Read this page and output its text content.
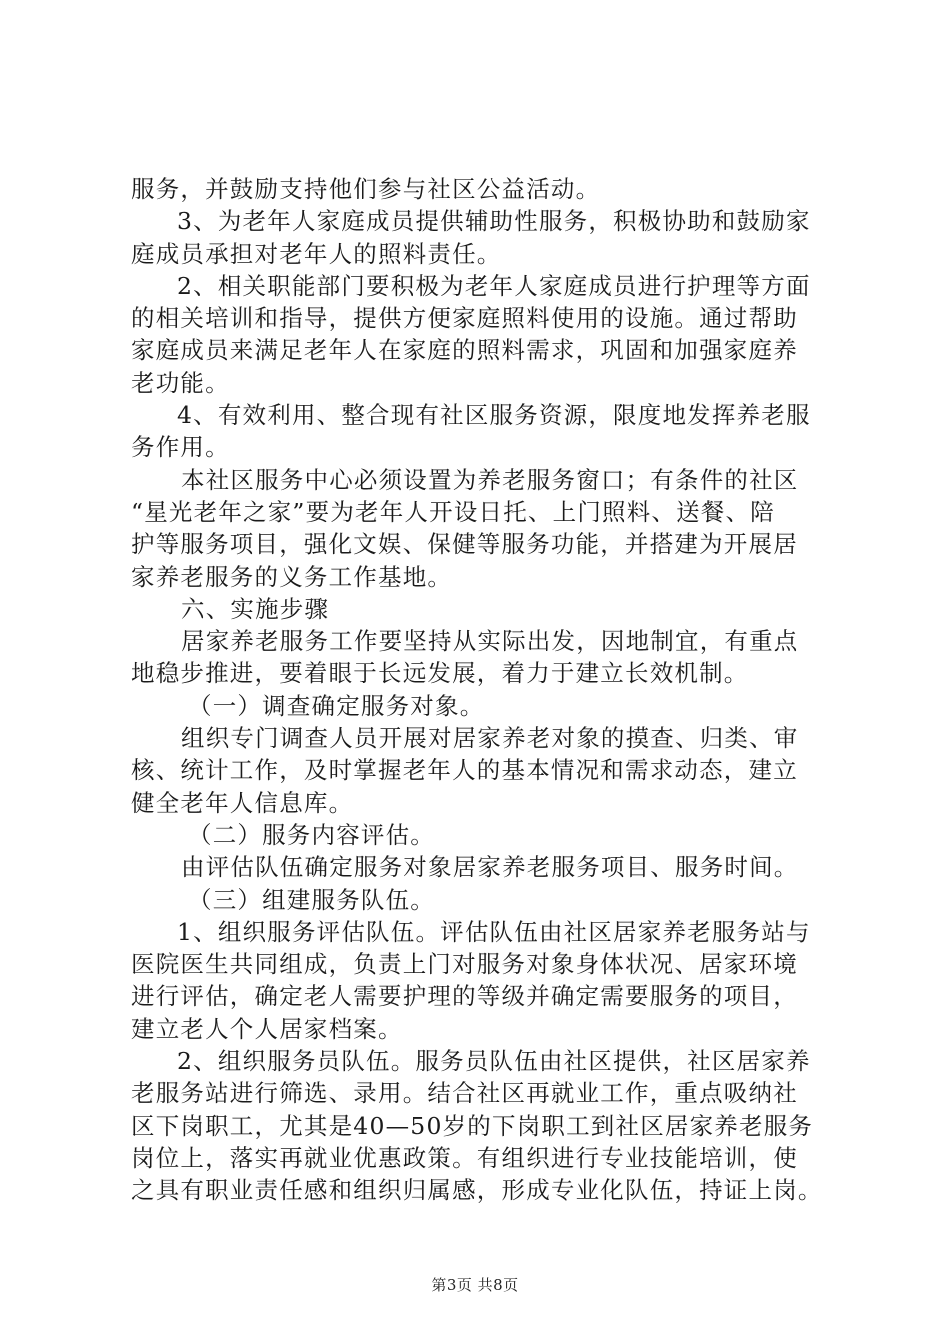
服务，并鼓励支持他们参与社区公益活动。
3、为老年人家庭成员提供辅助性服务，积极协助和鼓励家
庭成员承担对老年人的照料责任。
2、相关职能部门要积极为老年人家庭成员进行护理等方面
的相关培训和指导，提供方便家庭照料使用的设施。通过帮助
家庭成员来满足老年人在家庭的照料需求，巩固和加强家庭养
老功能。
4、有效利用、整合现有社区服务资源，限度地发挥养老服
务作用。
本社区服务中心必须设置为养老服务窗口；有条件的社区
“星光老年之家”要为老年人开设日托、上门照料、送餐、陪
护等服务项目，强化文娱、保健等服务功能，并搭建为开展居
家养老服务的义务工作基地。
六、实施步骤
居家养老服务工作要坚持从实际出发，因地制宜，有重点
地稳步推进，要着眼于长远发展，着力于建立长效机制。
（一）调查确定服务对象。
组织专门调查人员开展对居家养老对象的摸查、归类、审
核、统计工作，及时掌握老年人的基本情况和需求动态，建立
健全老年人信息库。
（二）服务内容评估。
由评估队伍确定服务对象居家养老服务项目、服务时间。
（三）组建服务队伍。
1、组织服务评估队伍。评估队伍由社区居家养老服务站与
医院医生共同组成，负责上门对服务对象身体状况、居家环境
进行评估，确定老人需要护理的等级并确定需要服务的项目，
建立老人个人居家档案。
2、组织服务员队伍。服务员队伍由社区提供，社区居家养
老服务站进行筛选、录用。结合社区再就业工作，重点吸纳社
区下岗职工，尤其是40—50岁的下岗职工到社区居家养老服务
岗位上，落实再就业优惠政策。有组织进行专业技能培训，使
之具有职业责任感和组织归属感，形成专业化队伍，持证上岗。
第3页 共8页
